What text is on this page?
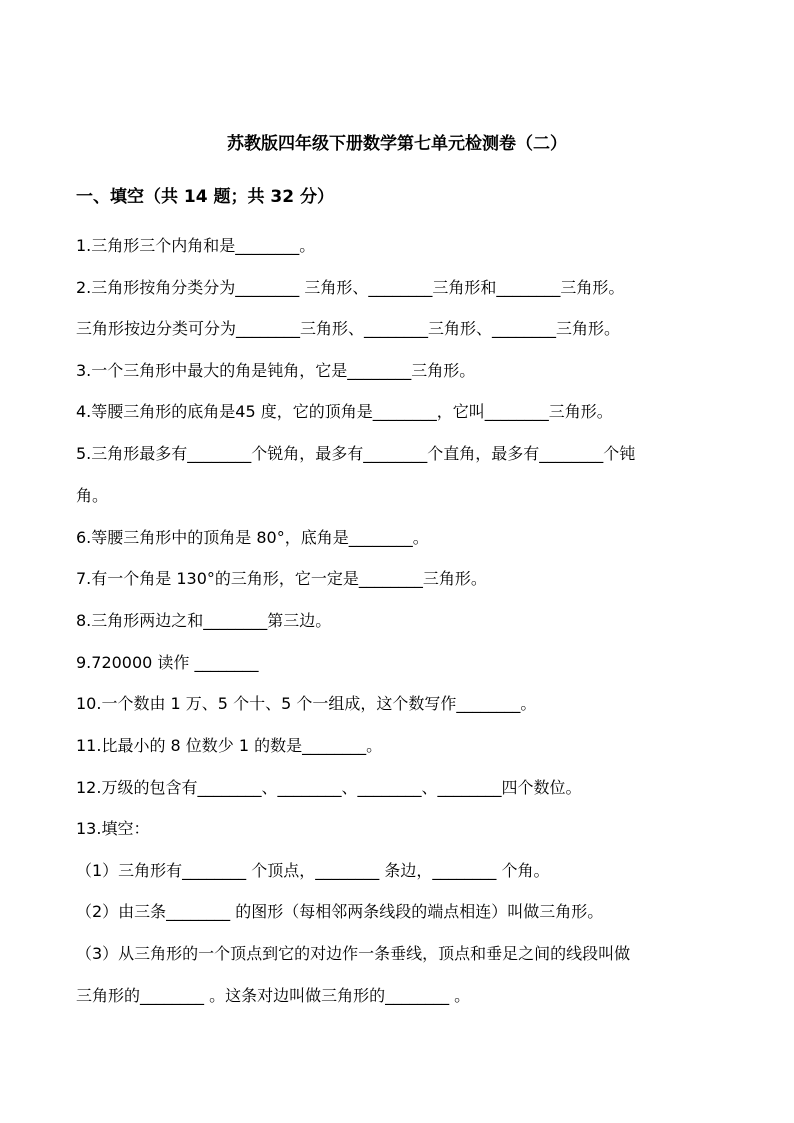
苏教版四年级下册数学第七单元检测卷（二）
一、填空（共 14 题；共 32 分）
1.三角形三个内角和是________。
2.三角形按角分类分为________ 三角形、________三角形和________三角形。
三角形按边分类可分为________三角形、________三角形、________三角形。
3.一个三角形中最大的角是钝角，它是________三角形。
4.等腰三角形的底角是45 度，它的顶角是________，它叫________三角形。
5.三角形最多有________个锐角，最多有________个直角，最多有________个钝
角。
6.等腰三角形中的顶角是 80°，底角是________。
7.有一个角是 130°的三角形，它一定是________三角形。
8.三角形两边之和________第三边。
9.720000 读作 ________
10.一个数由 1 万、5 个十、5 个一组成，这个数写作________。
11.比最小的 8 位数少 1 的数是________。
12.万级的包含有________、________、________、________四个数位。
13.填空：
（1）三角形有________ 个顶点，________ 条边，________ 个角。
（2）由三条________ 的图形（每相邻两条线段的端点相连）叫做三角形。
（3）从三角形的一个顶点到它的对边作一条垂线，顶点和垂足之间的线段叫做
三角形的________ 。这条对边叫做三角形的________ 。
